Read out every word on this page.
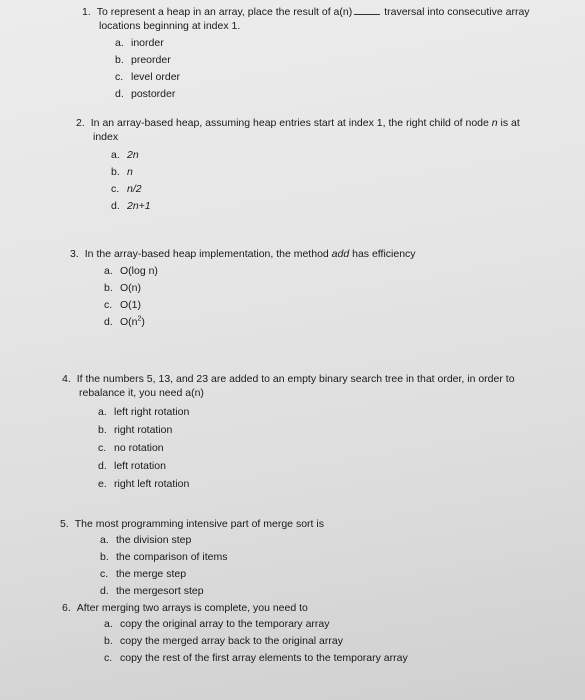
1. To represent a heap in an array, place the result of a(n)	traversal into consecutive array
locations beginning at index 1.
a. inorder
b. preorder
c. level order
d. postorder
2. In an array-based heap, assuming heap entries start at index 1, the right child of node n is at
index
a. 2n
b. n
c. n/2
d. 2n+1
3. In the array-based heap implementation, the method add has efficiency
a. O(log n)
b. O(n)
c. O(1)
d. $O(n^2)$
4. If the numbers 5, 13, and 23 are added to an empty binary search tree in that order, in order to
rebalance it, you need a(n)
a. left right rotation
b. right rotation
c. no rotation
d. left rotation
e. right left rotation
5. The most programming intensive part of merge sort is
a. the division step
b. the comparison of items
c. the merge step
d. the mergesort step
6. After merging two arrays is complete, you need to
a. copy the original array to the temporary array
b. copy the merged array back to the original array
c. copy the rest of the first array elements to the temporary array
